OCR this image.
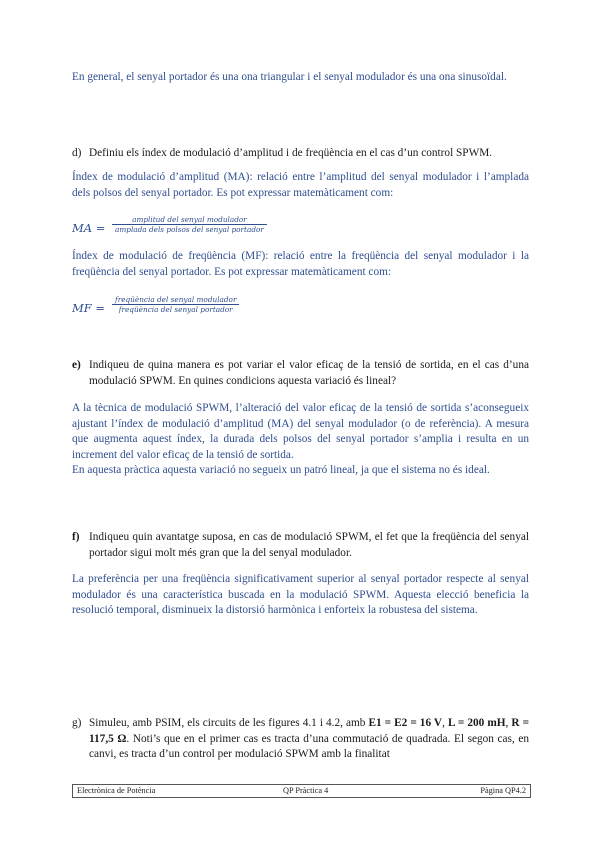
En general, el senyal portador és una ona triangular i el senyal modulador és una ona sinusoïdal.
d) Definiu els índex de modulació d’amplitud i de freqüència en el cas d’un control SPWM.
Índex de modulació d’amplitud (MA): relació entre l’amplitud del senyal modulador i l’amplada dels polsos del senyal portador. Es pot expressar matemàticament com:
MA =
amplitud del senyal modulador
amplada dels polsos del senyal portador
Índex de modulació de freqüència (MF): relació entre la freqüència del senyal modulador i la freqüència del senyal portador. Es pot expressar matemàticament com:
MF =
freqüència del senyal modulador
freqüència del senyal portador
e) Indiqueu de quina manera es pot variar el valor eficaç de la tensió de sortida, en el cas d’una modulació SPWM. En quines condicions aquesta variació és lineal?
A la tècnica de modulació SPWM, l’alteració del valor eficaç de la tensió de sortida s’aconsegueix ajustant l’índex de modulació d’amplitud (MA) del senyal modulador (o de referència). A mesura que augmenta aquest índex, la durada dels polsos del senyal portador s’amplia i resulta en un increment del valor eficaç de la tensió de sortida.
En aquesta pràctica aquesta variació no segueix un patró lineal, ja que el sistema no és ideal.
f) Indiqueu quin avantatge suposa, en cas de modulació SPWM, el fet que la freqüència del senyal portador sigui molt més gran que la del senyal modulador.
La preferència per una freqüència significativament superior al senyal portador respecte al senyal modulador és una característica buscada en la modulació SPWM. Aquesta elecció beneficia la resolució temporal, disminueix la distorsió harmònica i enforteix la robustesa del sistema.
g) Simuleu, amb PSIM, els circuits de les figures 4.1 i 4.2, amb E1 = E2 = 16 V, L = 200 mH, R = 117,5 Ω. Noti’s que en el primer cas es tracta d’una commutació de quadrada. El segon cas, en canvi, es tracta d’un control per modulació SPWM amb la finalitat
Electrònica de Potència	QP Pràctica 4	Pàgina QP4.2
